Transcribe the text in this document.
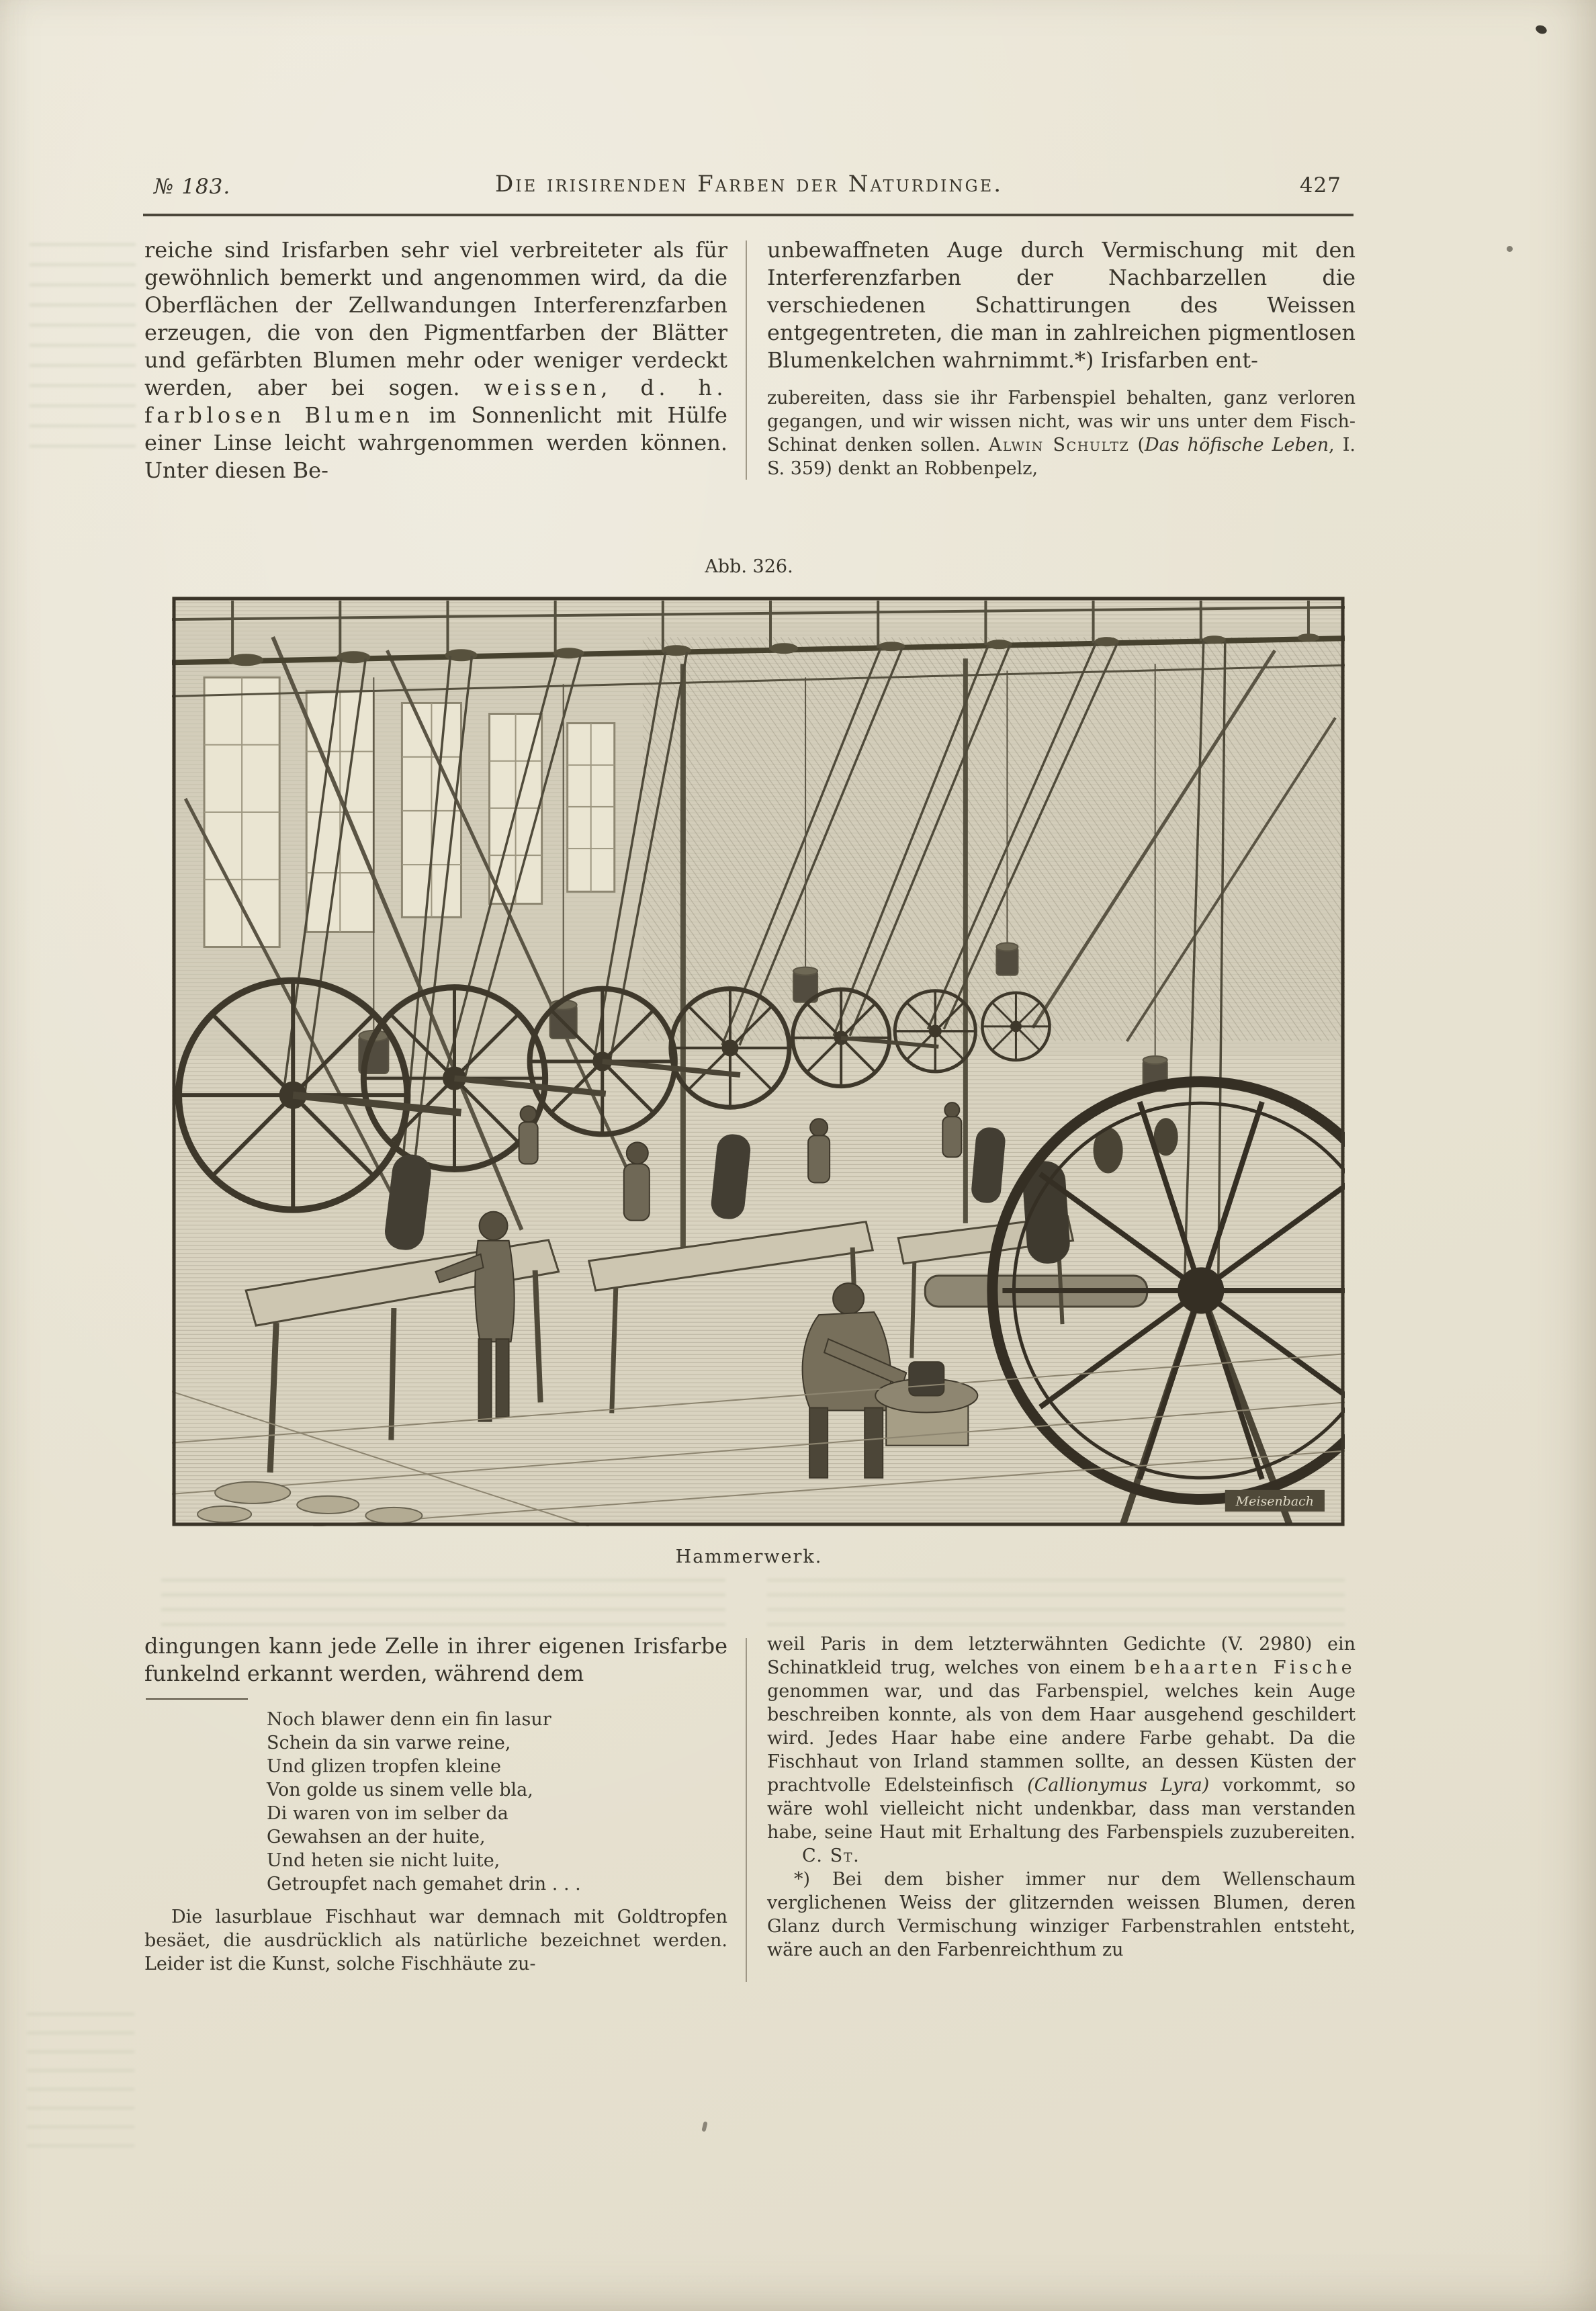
№ 183.	Die irisirenden Farben der Naturdinge.	427

reiche sind Irisfarben sehr viel verbreiteter als für gewöhnlich bemerkt und angenommen wird, da die Oberflächen der Zellwandungen Interferenzfarben erzeugen, die von den Pigmentfarben der Blätter und gefärbten Blumen mehr oder weniger verdeckt werden, aber bei sogen. weissen, d. h. farblosen Blumen im Sonnenlicht mit Hülfe einer Linse leicht wahrgenommen werden können. Unter diesen Be-

unbewaffneten Auge durch Vermischung mit den Interferenzfarben der Nachbarzellen die verschiedenen Schattirungen des Weissen entgegentreten, die man in zahlreichen pigmentlosen Blumenkelchen wahrnimmt.*) Irisfarben ent-

zubereiten, dass sie ihr Farbenspiel behalten, ganz verloren gegangen, und wir wissen nicht, was wir uns unter dem Fisch-Schinat denken sollen. Alwin Schultz (Das höfische Leben, I. S. 359) denkt an Robbenpelz,

Abb. 326.
Meisenbach
Hammerwerk.

dingungen kann jede Zelle in ihrer eigenen Irisfarbe funkelnd erkannt werden, während dem

Noch blawer denn ein fin lasur
Schein da sin varwe reine,
Und glizen tropfen kleine
Von golde us sinem velle bla,
Di waren von im selber da
Gewahsen an der huite,
Und heten sie nicht luite,
Getroupfet nach gemahet drin . . .

Die lasurblaue Fischhaut war demnach mit Goldtropfen besäet, die ausdrücklich als natürliche bezeichnet werden. Leider ist die Kunst, solche Fischhäute zu-

weil Paris in dem letzterwähnten Gedichte (V. 2980) ein Schinatkleid trug, welches von einem behaarten Fische genommen war, und das Farbenspiel, welches kein Auge beschreiben konnte, als von dem Haar ausgehend geschildert wird. Jedes Haar habe eine andere Farbe gehabt. Da die Fischhaut von Irland stammen sollte, an dessen Küsten der prachtvolle Edelsteinfisch (Callionymus Lyra) vorkommt, so wäre wohl vielleicht nicht undenkbar, dass man verstanden habe, seine Haut mit Erhaltung des Farbenspiels zuzubereiten. C. St.

*) Bei dem bisher immer nur dem Wellenschaum verglichenen Weiss der glitzernden weissen Blumen, deren Glanz durch Vermischung winziger Farbenstrahlen entsteht, wäre auch an den Farbenreichthum zu
